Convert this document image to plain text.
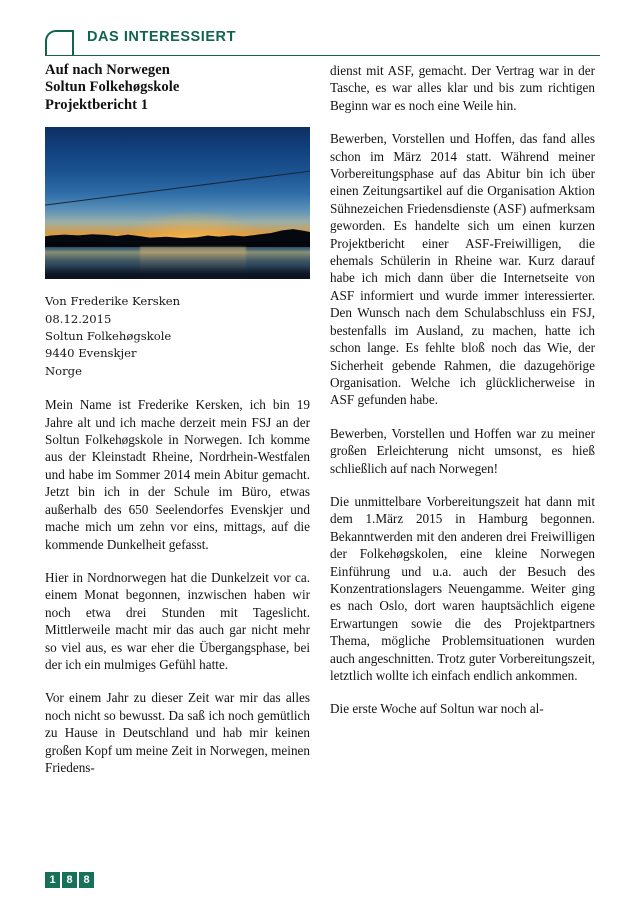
DAS INTERESSIERT
Auf nach Norwegen
Soltun Folkehøgskole
Projektbericht 1
Von Frederike Kersken
08.12.2015
Soltun Folkehøgskole
9440 Evenskjer
Norge

Mein Name ist Frederike Kersken, ich bin 19 Jahre alt und ich mache derzeit mein FSJ an der Soltun Folkehøgskole in Norwegen. Ich komme aus der Kleinstadt Rheine, Nordrhein-Westfalen und habe im Sommer 2014 mein Abitur gemacht. Jetzt bin ich in der Schule im Büro, etwas außerhalb des 650 Seelendorfes Evenskjer und mache mich um zehn vor eins, mittags, auf die kommende Dunkelheit gefasst.

Hier in Nordnorwegen hat die Dunkelzeit vor ca. einem Monat begonnen, inzwischen haben wir noch etwa drei Stunden mit Tageslicht. Mittlerweile macht mir das auch gar nicht mehr so viel aus, es war eher die Übergangsphase, bei der ich ein mulmiges Gefühl hatte.

Vor einem Jahr zu dieser Zeit war mir das alles noch nicht so bewusst. Da saß ich noch gemütlich zu Hause in Deutschland und hab mir keinen großen Kopf um meine Zeit in Norwegen, meinen Friedens-

dienst mit ASF, gemacht. Der Vertrag war in der Tasche, es war alles klar und bis zum richtigen Beginn war es noch eine Weile hin.

Bewerben, Vorstellen und Hoffen, das fand alles schon im März 2014 statt. Während meiner Vorbereitungsphase auf das Abitur bin ich über einen Zeitungsartikel auf die Organisation Aktion Sühnezeichen Friedensdienste (ASF) aufmerksam geworden. Es handelte sich um einen kurzen Projektbericht einer ASF-Freiwilligen, die ehemals Schülerin in Rheine war. Kurz darauf habe ich mich dann über die Internetseite von ASF informiert und wurde immer interessierter. Den Wunsch nach dem Schulabschluss ein FSJ, bestenfalls im Ausland, zu machen, hatte ich schon lange. Es fehlte bloß noch das Wie, der Sicherheit gebende Rahmen, die dazugehörige Organisation. Welche ich glücklicherweise in ASF gefunden habe.

Bewerben, Vorstellen und Hoffen war zu meiner großen Erleichterung nicht umsonst, es hieß schließlich auf nach Norwegen!

Die unmittelbare Vorbereitungszeit hat dann mit dem 1.März 2015 in Hamburg begonnen. Bekanntwerden mit den anderen drei Freiwilligen der Folkehøgskolen, eine kleine Norwegen Einführung und u.a. auch der Besuch des Konzentrationslagers Neuengamme. Weiter ging es nach Oslo, dort waren hauptsächlich eigene Erwartungen sowie die des Projektpartners Thema, mögliche Problemsituationen wurden auch angeschnitten. Trotz guter Vorbereitungszeit, letztlich wollte ich einfach endlich ankommen.

Die erste Woche auf Soltun war noch al-

1 8 8
